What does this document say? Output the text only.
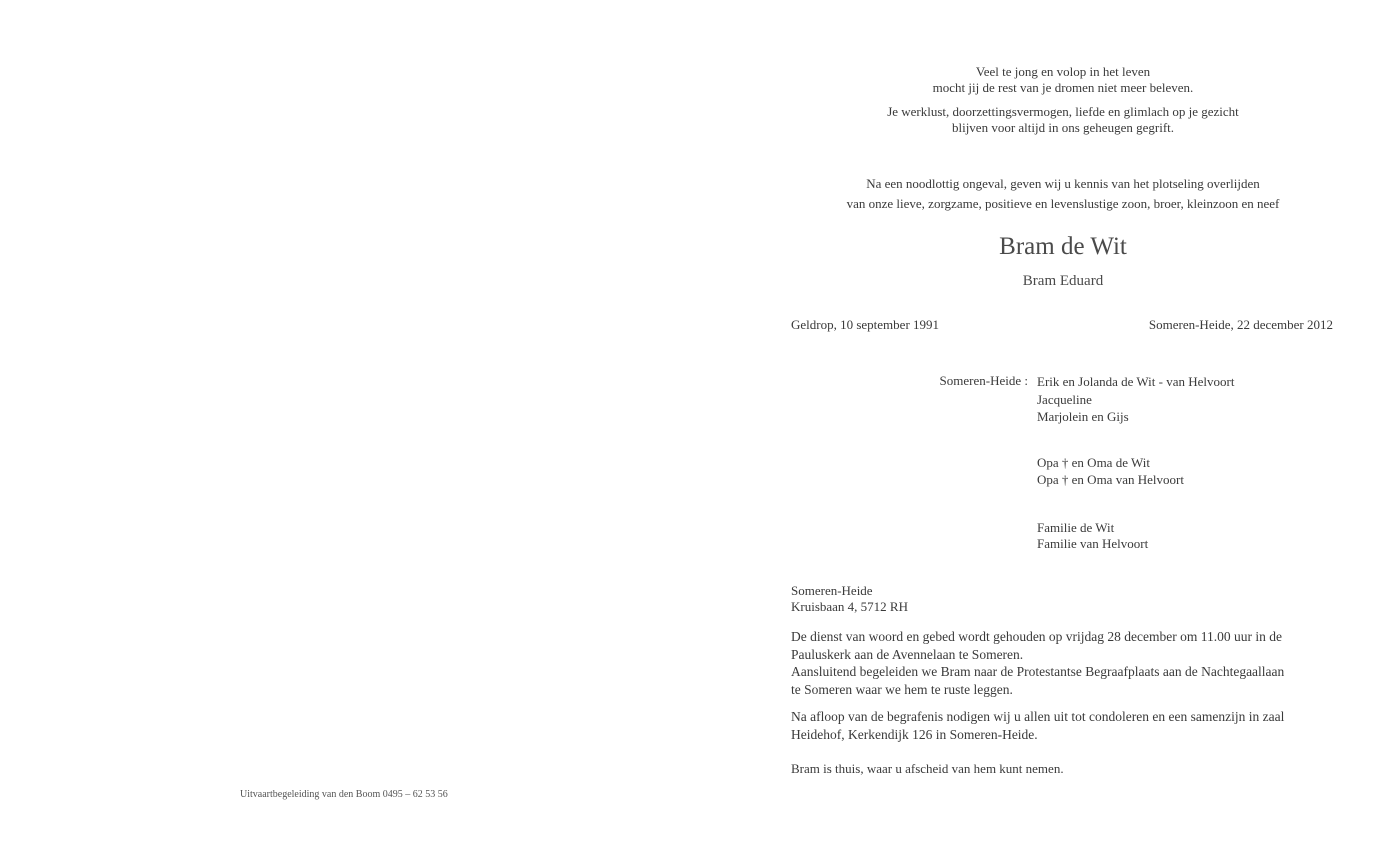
Veel te jong en volop in het leven
mocht jij de rest van je dromen niet meer beleven.
Je werklust, doorzettingsvermogen, liefde en glimlach op je gezicht
blijven voor altijd in ons geheugen gegrift.
Na een noodlottig ongeval, geven wij u kennis van het plotseling overlijden
van onze lieve, zorgzame, positieve en levenslustige zoon, broer, kleinzoon en neef
Bram de Wit
Bram Eduard
Geldrop, 10 september 1991	Someren-Heide, 22 december 2012
Someren-Heide : Erik en Jolanda de Wit - van Helvoort
Jacqueline
Marjolein en Gijs
Opa † en Oma de Wit
Opa † en Oma van Helvoort
Familie de Wit
Familie van Helvoort
Someren-Heide
Kruisbaan 4, 5712 RH
De dienst van woord en gebed wordt gehouden op vrijdag 28 december om 11.00 uur in de
Pauluskerk aan de Avennelaan te Someren.
Aansluitend begeleiden we Bram naar de Protestantse Begraafplaats aan de Nachtegaallaan
te Someren waar we hem te ruste leggen.
Na afloop van de begrafenis nodigen wij u allen uit tot condoleren en een samenzijn in zaal
Heidehof, Kerkendijk 126 in Someren-Heide.
Bram is thuis, waar u afscheid van hem kunt nemen.
Uitvaartbegeleiding van den Boom 0495 – 62 53 56
